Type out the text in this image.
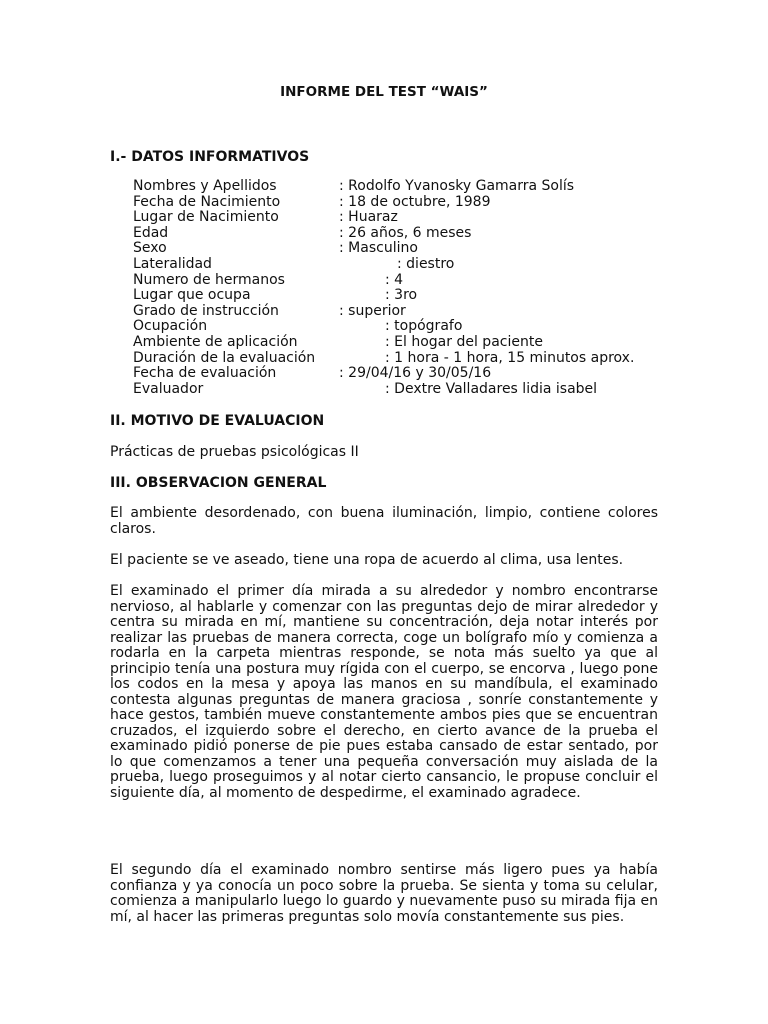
INFORME DEL TEST “WAIS”
I.- DATOS INFORMATIVOS
Nombres y Apellidos	: Rodolfo Yvanosky Gamarra Solís
Fecha de Nacimiento	: 18 de octubre, 1989
Lugar de Nacimiento	: Huaraz
Edad	: 26 años, 6 meses
Sexo	: Masculino
Lateralidad	: diestro
Numero de hermanos	: 4
Lugar que ocupa	: 3ro
Grado de instrucción	: superior
Ocupación	: topógrafo
Ambiente de aplicación	: El hogar del paciente
Duración de la evaluación	: 1 hora - 1 hora, 15 minutos aprox.
Fecha de evaluación	: 29/04/16 y 30/05/16
Evaluador	: Dextre Valladares lidia isabel
II. MOTIVO DE EVALUACION
Prácticas de pruebas psicológicas II
III. OBSERVACION GENERAL
El ambiente desordenado, con buena iluminación, limpio, contiene colores claros.
El paciente se ve aseado, tiene una ropa de acuerdo al clima, usa lentes.
El examinado el primer día mirada a su alrededor y nombro encontrarse nervioso, al hablarle y comenzar con las preguntas dejo de mirar alrededor y centra su mirada en mí, mantiene su concentración, deja notar interés por realizar las pruebas de manera correcta, coge un bolígrafo mío y comienza a rodarla en la carpeta mientras responde, se nota más suelto ya que al principio tenía una postura muy rígida con el cuerpo, se encorva , luego pone los codos en la mesa y apoya las manos en su mandíbula, el examinado contesta algunas preguntas de manera graciosa , sonríe constantemente y hace gestos, también mueve constantemente ambos pies que se encuentran cruzados, el izquierdo sobre el derecho, en cierto avance de la prueba el examinado pidió ponerse de pie pues estaba cansado de estar sentado, por lo que comenzamos a tener una pequeña conversación muy aislada de la prueba, luego proseguimos y al notar cierto cansancio, le propuse concluir el siguiente día, al momento de despedirme, el examinado agradece.
El segundo día el examinado nombro sentirse más ligero pues ya había confianza y ya conocía un poco sobre la prueba. Se sienta y toma su celular, comienza a manipularlo luego lo guardo y nuevamente puso su mirada fija en mí, al hacer las primeras preguntas solo movía constantemente sus pies.
